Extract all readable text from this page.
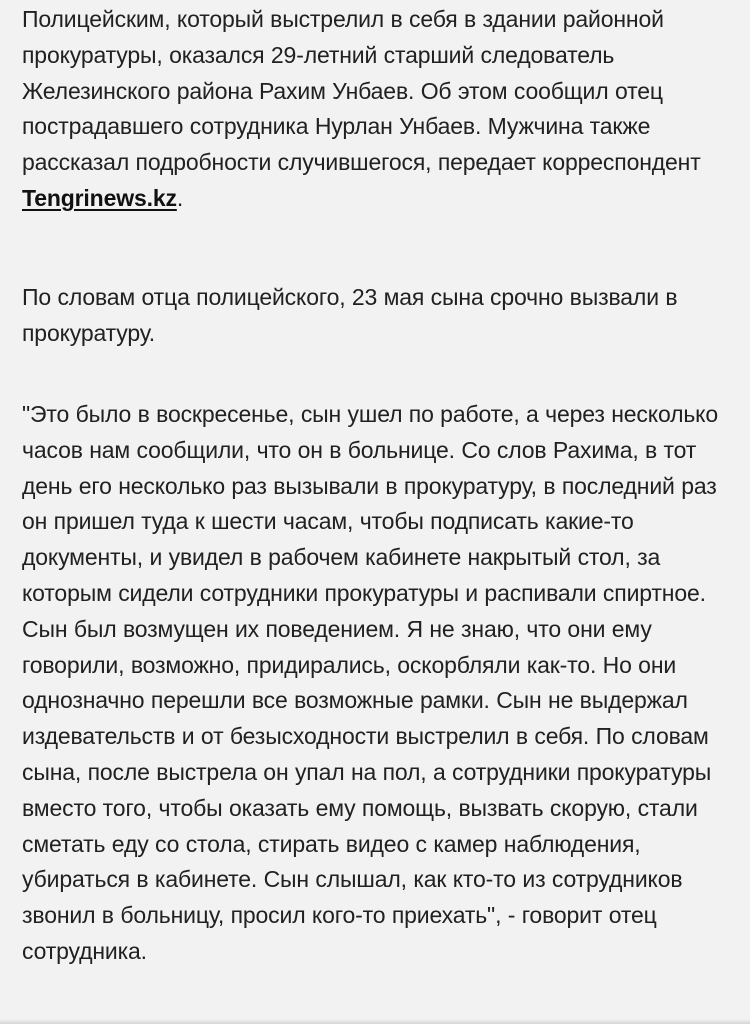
Полицейским, который выстрелил в себя в здании районной прокуратуры, оказался 29-летний старший следователь Железинского района Рахим Унбаев. Об этом сообщил отец пострадавшего сотрудника Нурлан Унбаев. Мужчина также рассказал подробности случившегося, передает корреспондент Tengrinews.kz.

По словам отца полицейского, 23 мая сына срочно вызвали в прокуратуру.

"Это было в воскресенье, сын ушел по работе, а через несколько часов нам сообщили, что он в больнице. Со слов Рахима, в тот день его несколько раз вызывали в прокуратуру, в последний раз он пришел туда к шести часам, чтобы подписать какие-то документы, и увидел в рабочем кабинете накрытый стол, за которым сидели сотрудники прокуратуры и распивали спиртное. Сын был возмущен их поведением. Я не знаю, что они ему говорили, возможно, придирались, оскорбляли как-то. Но они однозначно перешли все возможные рамки. Сын не выдержал издевательств и от безысходности выстрелил в себя. По словам сына, после выстрела он упал на пол, а сотрудники прокуратуры вместо того, чтобы оказать ему помощь, вызвать скорую, стали сметать еду со стола, стирать видео с камер наблюдения, убираться в кабинете. Сын слышал, как кто-то из сотрудников звонил в больницу, просил кого-то приехать", - говорит отец сотрудника.
